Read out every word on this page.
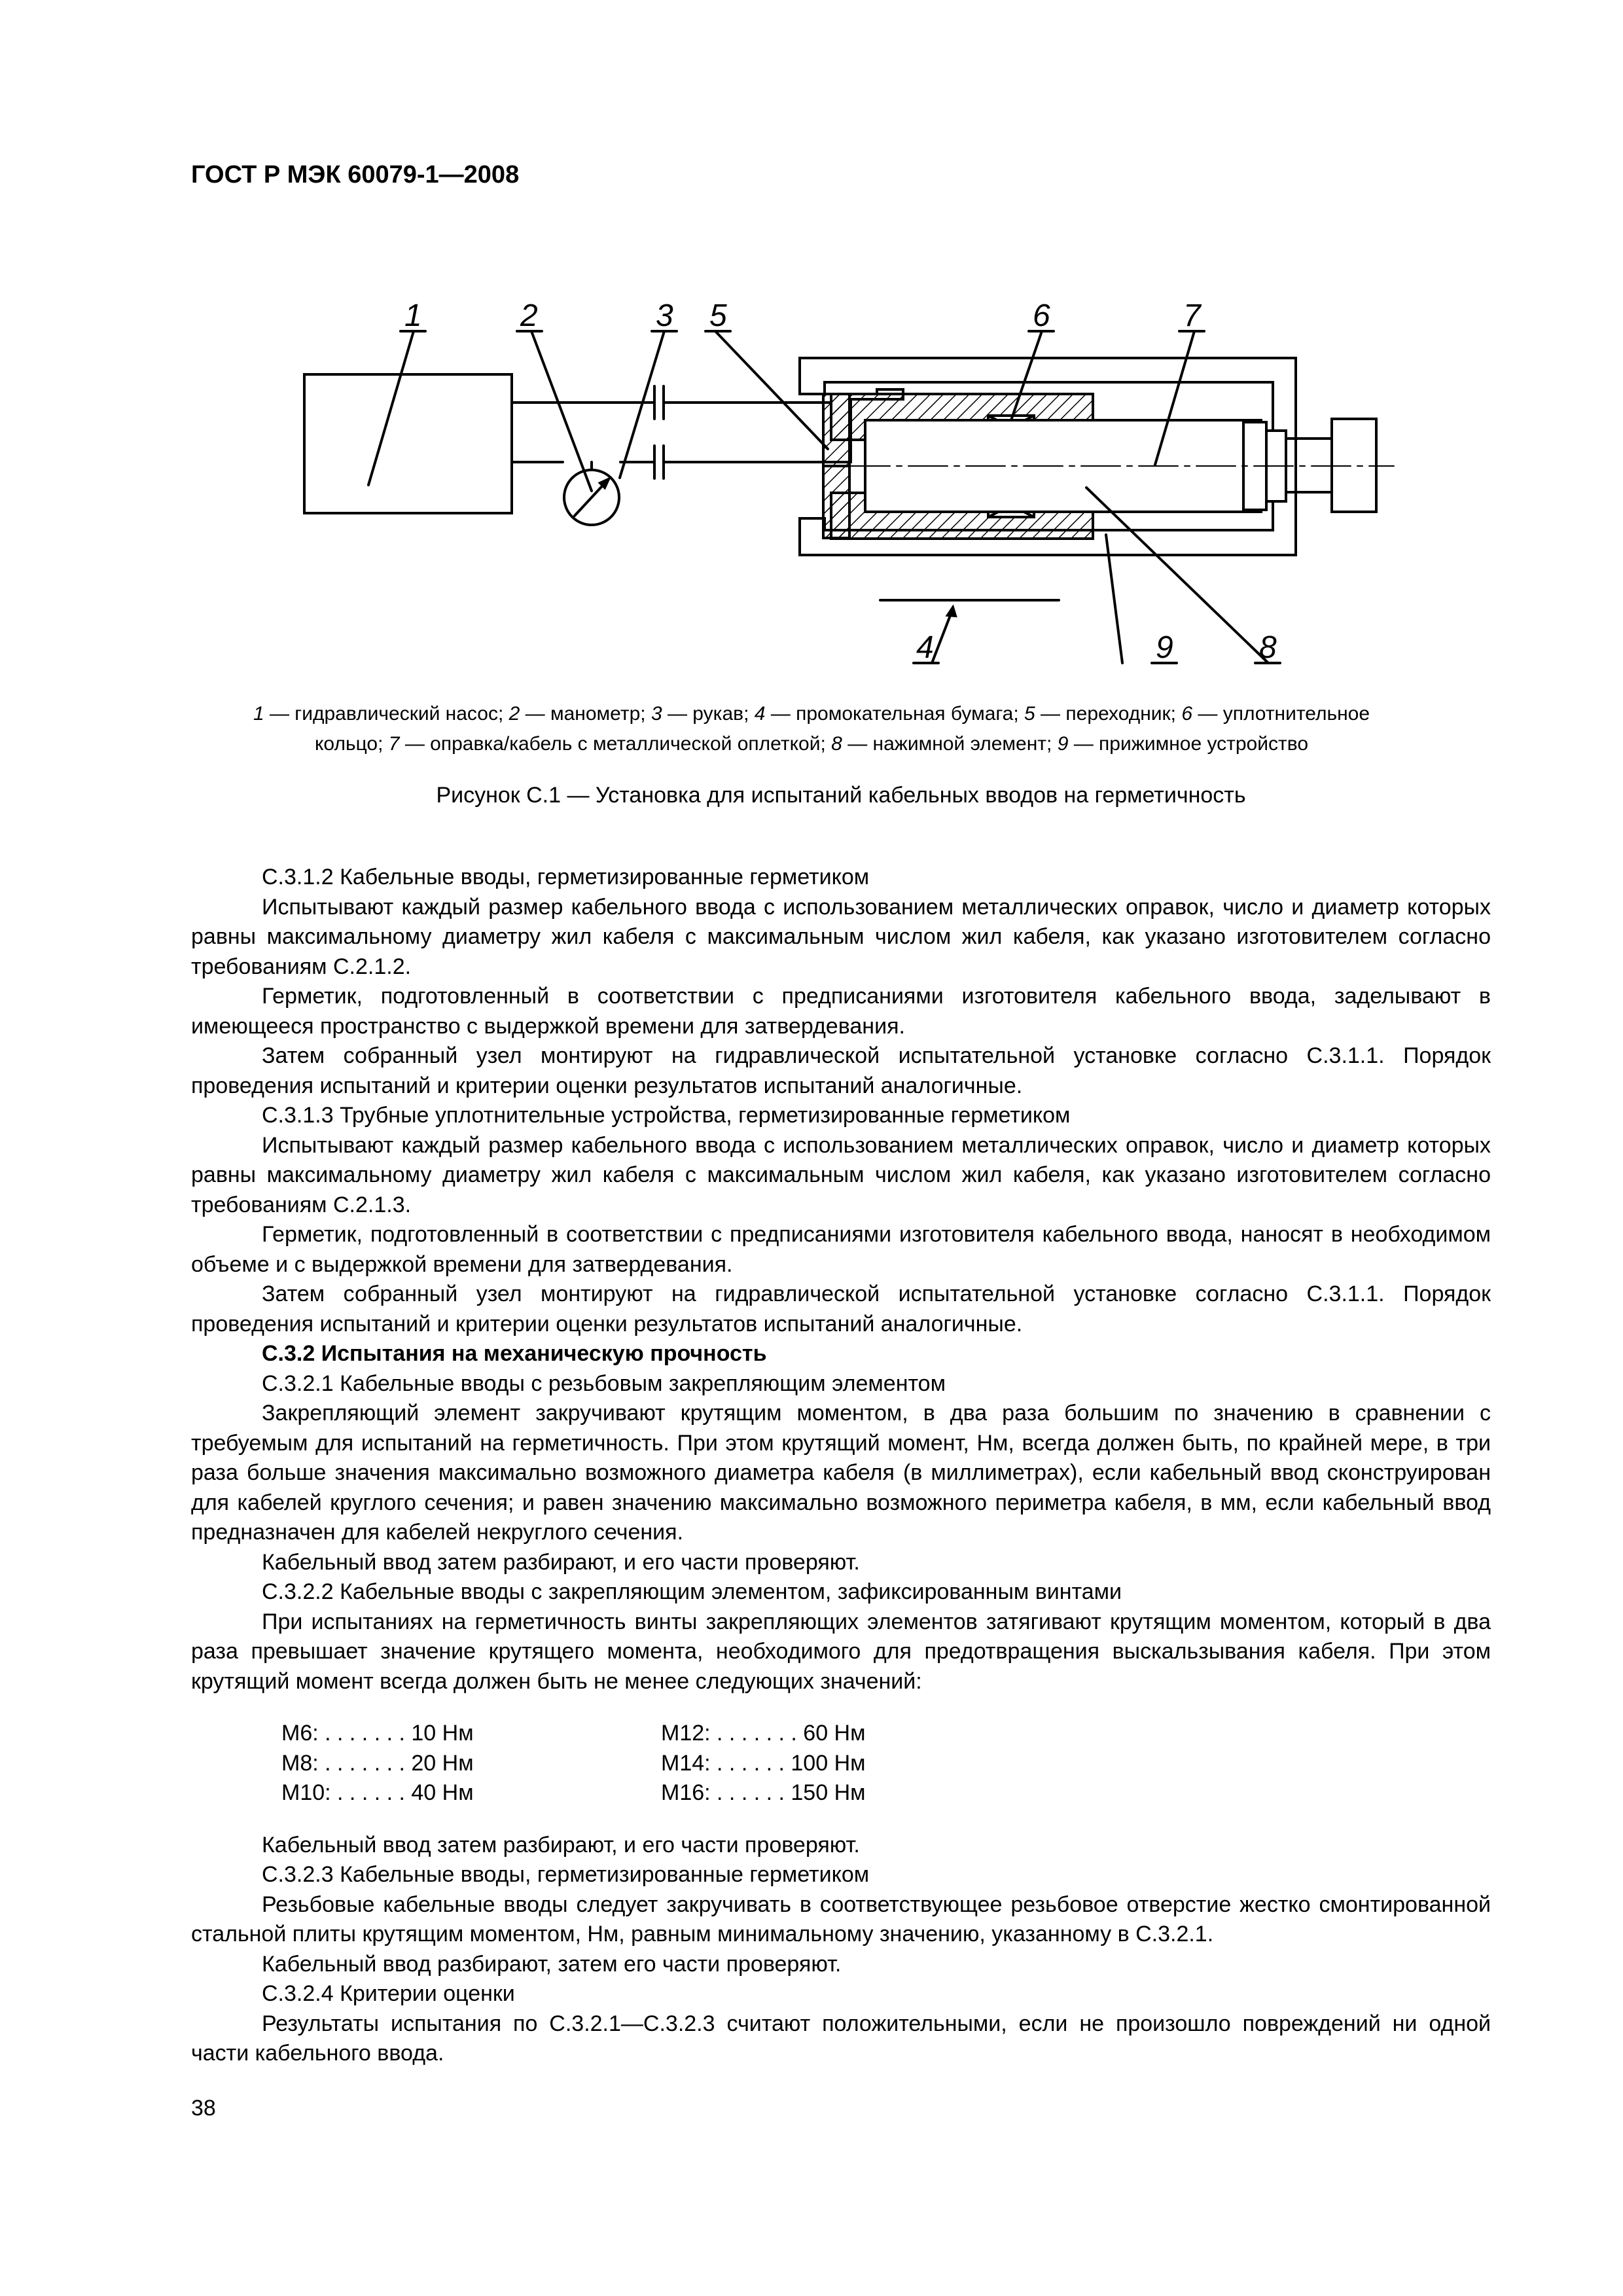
ГОСТ Р МЭК 60079-1—2008
1	2	3 5	6	7
4	9	8
1 — гидравлический насос; 2 — манометр; 3 — рукав; 4 — промокательная бумага; 5 — переходник; 6 — уплотнительное
кольцо; 7 — оправка/кабель с металлической оплеткой; 8 — нажимной элемент; 9 — прижимное устройство
Рисунок С.1 — Установка для испытаний кабельных вводов на герметичность

С.3.1.2 Кабельные вводы, герметизированные герметиком

Испытывают каждый размер кабельного ввода с использованием металлических оправок, число и диаметр которых равны максимальному диаметру жил кабеля с максимальным числом жил кабеля, как указано изготовителем согласно требованиям С.2.1.2.

Герметик, подготовленный в соответствии с предписаниями изготовителя кабельного ввода, заделывают в имеющееся пространство с выдержкой времени для затвердевания.

Затем собранный узел монтируют на гидравлической испытательной установке согласно С.3.1.1. Порядок проведения испытаний и критерии оценки результатов испытаний аналогичные.

С.3.1.3 Трубные уплотнительные устройства, герметизированные герметиком

Испытывают каждый размер кабельного ввода с использованием металлических оправок, число и диаметр которых равны максимальному диаметру жил кабеля с максимальным числом жил кабеля, как указано изготовителем согласно требованиям С.2.1.3.

Герметик, подготовленный в соответствии с предписаниями изготовителя кабельного ввода, наносят в необходимом объеме и с выдержкой времени для затвердевания.

Затем собранный узел монтируют на гидравлической испытательной установке согласно С.3.1.1. Порядок проведения испытаний и критерии оценки результатов испытаний аналогичные.

С.3.2 Испытания на механическую прочность

С.3.2.1 Кабельные вводы с резьбовым закрепляющим элементом

Закрепляющий элемент закручивают крутящим моментом, в два раза большим по значению в сравнении с требуемым для испытаний на герметичность. При этом крутящий момент, Нм, всегда должен быть, по крайней мере, в три раза больше значения максимально возможного диаметра кабеля (в миллиметрах), если кабельный ввод сконструирован для кабелей круглого сечения; и равен значению максимально возможного периметра кабеля, в мм, если кабельный ввод предназначен для кабелей некруглого сечения.

Кабельный ввод затем разбирают, и его части проверяют.

С.3.2.2 Кабельные вводы с закрепляющим элементом, зафиксированным винтами

При испытаниях на герметичность винты закрепляющих элементов затягивают крутящим моментом, который в два раза превышает значение крутящего момента, необходимого для предотвращения выскальзывания кабеля. При этом крутящий момент всегда должен быть не менее следующих значений:

М6: . . . . . . . 10 Нм	М12: . . . . . . . 60 Нм
М8: . . . . . . . 20 Нм	М14: . . . . . . 100 Нм
М10: . . . . . . 40 Нм	М16: . . . . . . 150 Нм

Кабельный ввод затем разбирают, и его части проверяют.

С.3.2.3 Кабельные вводы, герметизированные герметиком

Резьбовые кабельные вводы следует закручивать в соответствующее резьбовое отверстие жестко смонтированной стальной плиты крутящим моментом, Нм, равным минимальному значению, указанному в С.3.2.1.

Кабельный ввод разбирают, затем его части проверяют.

С.3.2.4 Критерии оценки

Результаты испытания по С.3.2.1—С.3.2.3 считают положительными, если не произошло повреждений ни одной части кабельного ввода.

38
